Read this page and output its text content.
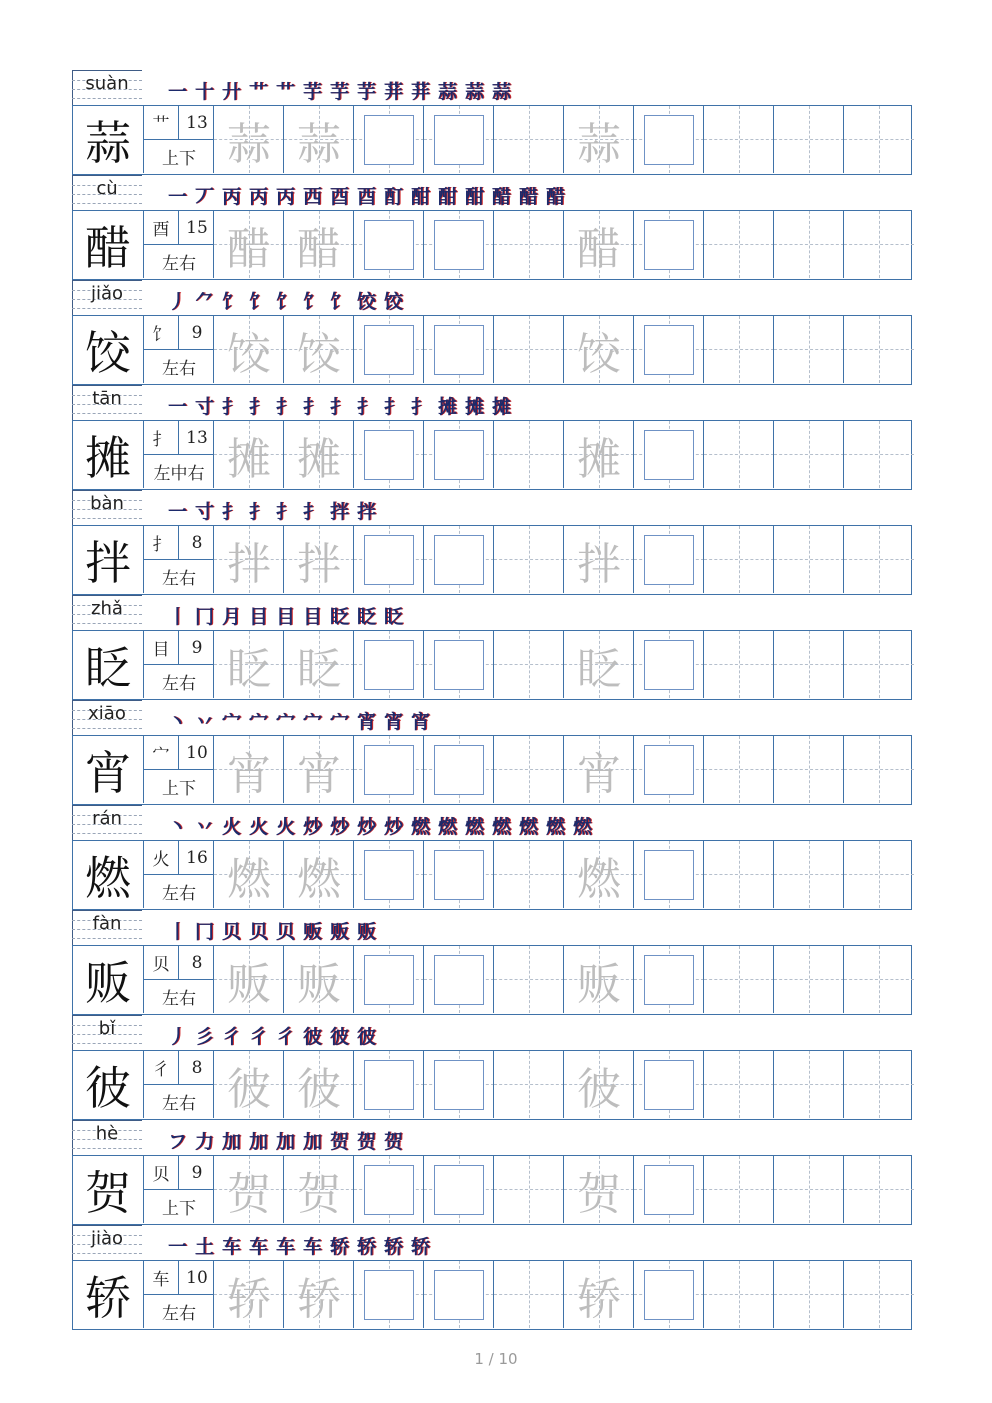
suàn	一 十 廾 艹 艹 芋 芋 芋 荓 荓 蒜 蒜 蒜
蒜	艹 13
上下 蒜 蒜	蒜
cù	一 丆 丙 丙 丙 西 酉 酉 酊 酣 酣 酣 醋 醋 醋
醋	酉 15
左右 醋 醋	醋
jiǎo	丿 ⺈ 饣 饣 饣 饣 饣 饺 饺
饺	饣	9
左右 饺 饺	饺
tān	一 寸 扌 扌 扌 扌 扌 扌 扌 扌 摊 摊 摊
摊	扌 13
左中右 摊 摊	摊
bàn	一 寸 扌 扌 扌 扌 拌 拌
拌	扌	8
左右 拌 拌	拌
zhǎ	丨 冂 月 目 目 目 眨 眨 眨
眨	目	9
左右 眨 眨	眨
xiāo	丶 丷 宀 宀 宀 宀 宀 宵 宵 宵
宵	宀 10
上下 宵 宵	宵
rán	丶 丷 火 火 火 炒 炒 炒 炒 燃 燃 燃 燃 燃 燃 燃
燃	火 16
左右 燃 燃	燃
fàn	丨 冂 贝 贝 贝 贩 贩 贩
贩	贝	8
左右 贩 贩	贩
bǐ	丿 彡 彳 彳 彳 彼 彼 彼
彼	彳	8
左右 彼 彼	彼
hè	フ 力 加 加 加 加 贺 贺 贺
贺	贝	9
上下 贺 贺	贺
jiào	一 土 车 车 车 车 轿 轿 轿 轿
轿	车 10
左右 轿 轿	轿
1 / 10
